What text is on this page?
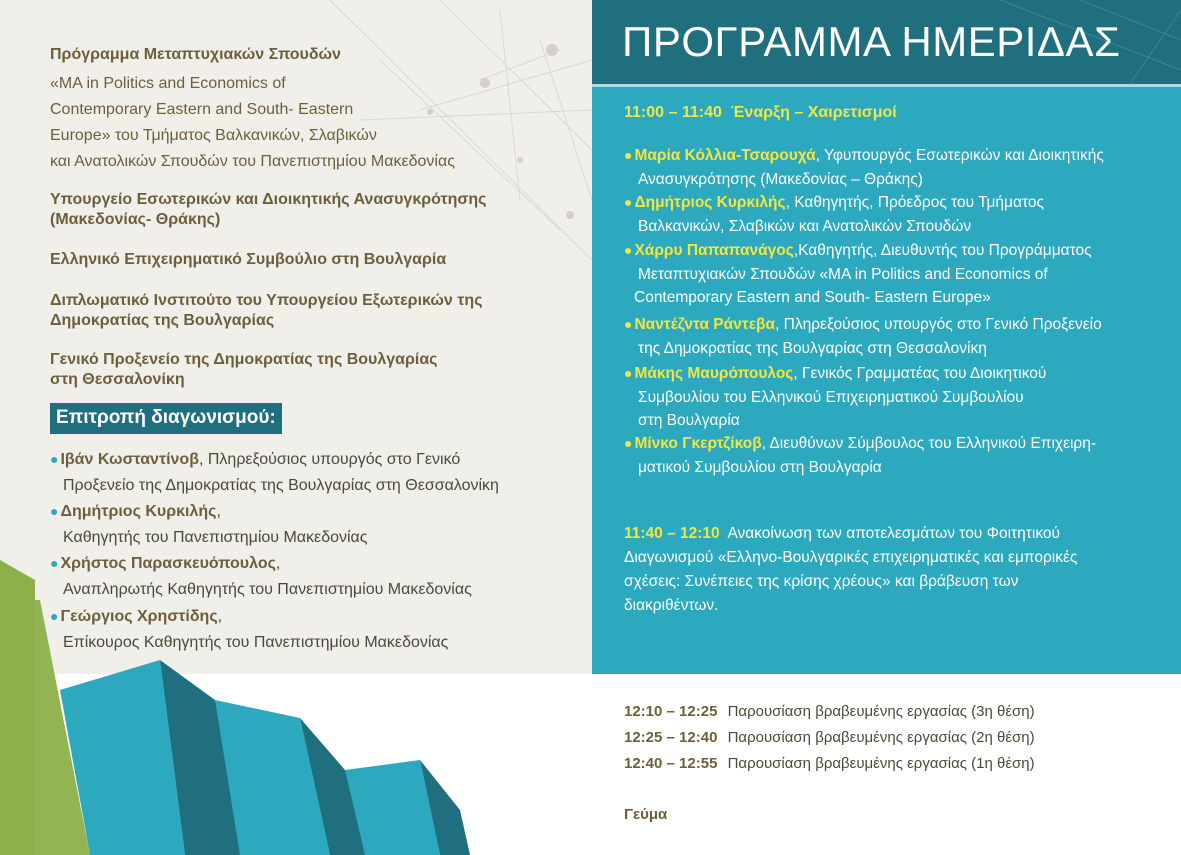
ΠΡΟΓΡΑΜΜΑ ΗΜΕΡΙΔΑΣ
Πρόγραμμα Μεταπτυχιακών Σπουδών
«MA in Politics and Economics of
Contemporary Eastern and South- Eastern
Europe» του Τμήματος Βαλκανικών, Σλαβικών
και Ανατολικών Σπουδών του Πανεπιστημίου Μακεδονίας
Υπουργείο Εσωτερικών και Διοικητικής Ανασυγκρότησης
(Μακεδονίας- Θράκης)
Ελληνικό Επιχειρηματικό Συμβούλιο στη Βουλγαρία
Διπλωματικό Ινστιτούτο του Υπουργείου Εξωτερικών της
Δημοκρατίας της Βουλγαρίας
Γενικό Προξενείο της Δημοκρατίας της Βουλγαρίας
στη Θεσσαλονίκη
Επιτροπή διαγωνισμού:
● Ιβάν Κωσταντίνοβ, Πληρεξούσιος υπουργός στο Γενικό
Προξενείο της Δημοκρατίας της Βουλγαρίας στη Θεσσαλονίκη
● Δημήτριος Κυρκιλής,
Καθηγητής του Πανεπιστημίου Μακεδονίας
● Χρήστος Παρασκευόπουλος,
Αναπληρωτής Καθηγητής του Πανεπιστημίου Μακεδονίας
● Γεώργιος Χρηστίδης,
Επίκουρος Καθηγητής του Πανεπιστημίου Μακεδονίας
11:00 – 11:40 Έναρξη – Χαιρετισμοί
● Μαρία Κόλλια-Τσαρουχά, Υφυπουργός Εσωτερικών και Διοικητικής
Ανασυγκρότησης (Μακεδονίας – Θράκης)
● Δημήτριος Κυρκιλής, Καθηγητής, Πρόεδρος του Τμήματος
Βαλκανικών, Σλαβικών και Ανατολικών Σπουδών
● Χάρρυ Παπαπανάγος,Καθηγητής, Διευθυντής του Προγράμματος
Μεταπτυχιακών Σπουδών «MA in Politics and Economics of
Contemporary Eastern and South- Eastern Europe»
● Ναντέζντα Ράντεβα, Πληρεξούσιος υπουργός στο Γενικό Προξενείο
της Δημοκρατίας της Βουλγαρίας στη Θεσσαλονίκη
● Μάκης Μαυρόπουλος, Γενικός Γραμματέας του Διοικητικού
Συμβουλίου του Ελληνικού Επιχειρηματικού Συμβουλίου
στη Βουλγαρία
● Μίνκο Γκερτζίκοβ, Διευθύνων Σύμβουλος του Ελληνικού Επιχειρη-
ματικού Συμβουλίου στη Βουλγαρία
11:40 – 12:10 Ανακοίνωση των αποτελεσμάτων του Φοιτητικού
Διαγωνισμού «Ελληνο-Βουλγαρικές επιχειρηματικές και εμπορικές
σχέσεις: Συνέπειες της κρίσης χρέους» και βράβευση των
διακριθέντων.
12:10 – 12:25 Παρουσίαση βραβευμένης εργασίας (3η θέση)
12:25 – 12:40 Παρουσίαση βραβευμένης εργασίας (2η θέση)
12:40 – 12:55 Παρουσίαση βραβευμένης εργασίας (1η θέση)
Γεύμα
